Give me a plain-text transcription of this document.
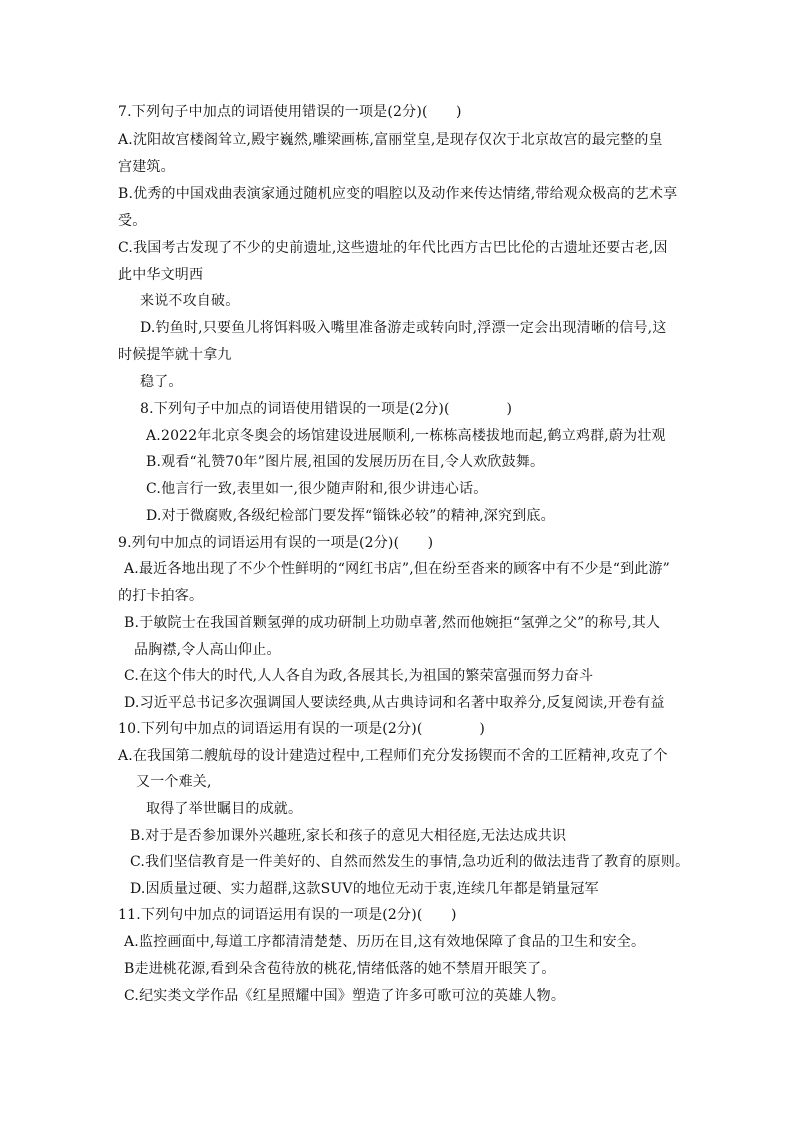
7.下列句子中加点的词语使用错误的一项是(2分)(　　)
A.沈阳故宫楼阁耸立,殿宇巍然,雕梁画栋,富丽堂皇,是现存仅次于北京故宫的最完整的皇
宫建筑。
B.优秀的中国戏曲表演家通过随机应变的唱腔以及动作来传达情绪,带给观众极高的艺术享
受。
C.我国考古发现了不少的史前遗址,这些遗址的年代比西方古巴比伦的古遗址还要古老,因
此中华文明西
来说不攻自破。
D.钓鱼时,只要鱼儿将饵料吸入嘴里准备游走或转向时,浮漂一定会出现清晰的信号,这
时候提竿就十拿九
稳了。
8.下列句子中加点的词语使用错误的一项是(2分)(　　　　)
A.2022年北京冬奥会的场馆建设进展顺利,一栋栋高楼拔地而起,鹤立鸡群,蔚为壮观
B.观看“礼赞70年”图片展,祖国的发展历历在目,令人欢欣鼓舞。
C.他言行一致,表里如一,很少随声附和,很少讲违心话。
D.对于微腐败,各级纪检部门要发挥“锱铢必较”的精神,深究到底。
9.列句中加点的词语运用有误的一项是(2分)(　　)
A.最近各地出现了不少个性鲜明的“网红书店”,但在纷至沓来的顾客中有不少是“到此游”
的打卡拍客。
B.于敏院士在我国首颗氢弹的成功研制上功勋卓著,然而他婉拒“氢弹之父”的称号,其人
品胸襟,令人高山仰止。
C.在这个伟大的时代,人人各自为政,各展其长,为祖国的繁荣富强而努力奋斗
D.习近平总书记多次强调国人要读经典,从古典诗词和名著中取养分,反复阅读,开卷有益
10.下列句中加点的词语运用有误的一项是(2分)(　　　　)
A.在我国第二艘航母的设计建造过程中,工程师们充分发扬锲而不舍的工匠精神,攻克了个
又一个难关,
取得了举世瞩目的成就。
B.对于是否参加课外兴趣班,家长和孩子的意见大相径庭,无法达成共识
C.我们坚信教育是一件美好的、自然而然发生的事情,急功近利的做法违背了教育的原则。
D.因质量过硬、实力超群,这款SUV的地位无动于衷,连续几年都是销量冠军
11.下列句中加点的词语运用有误的一项是(2分)(　　)
A.监控画面中,每道工序都清清楚楚、历历在目,这有效地保障了食品的卫生和安全。
B走进桃花源,看到朵含苞待放的桃花,情绪低落的她不禁眉开眼笑了。
C.纪实类文学作品《红星照耀中国》塑造了许多可歌可泣的英雄人物。
